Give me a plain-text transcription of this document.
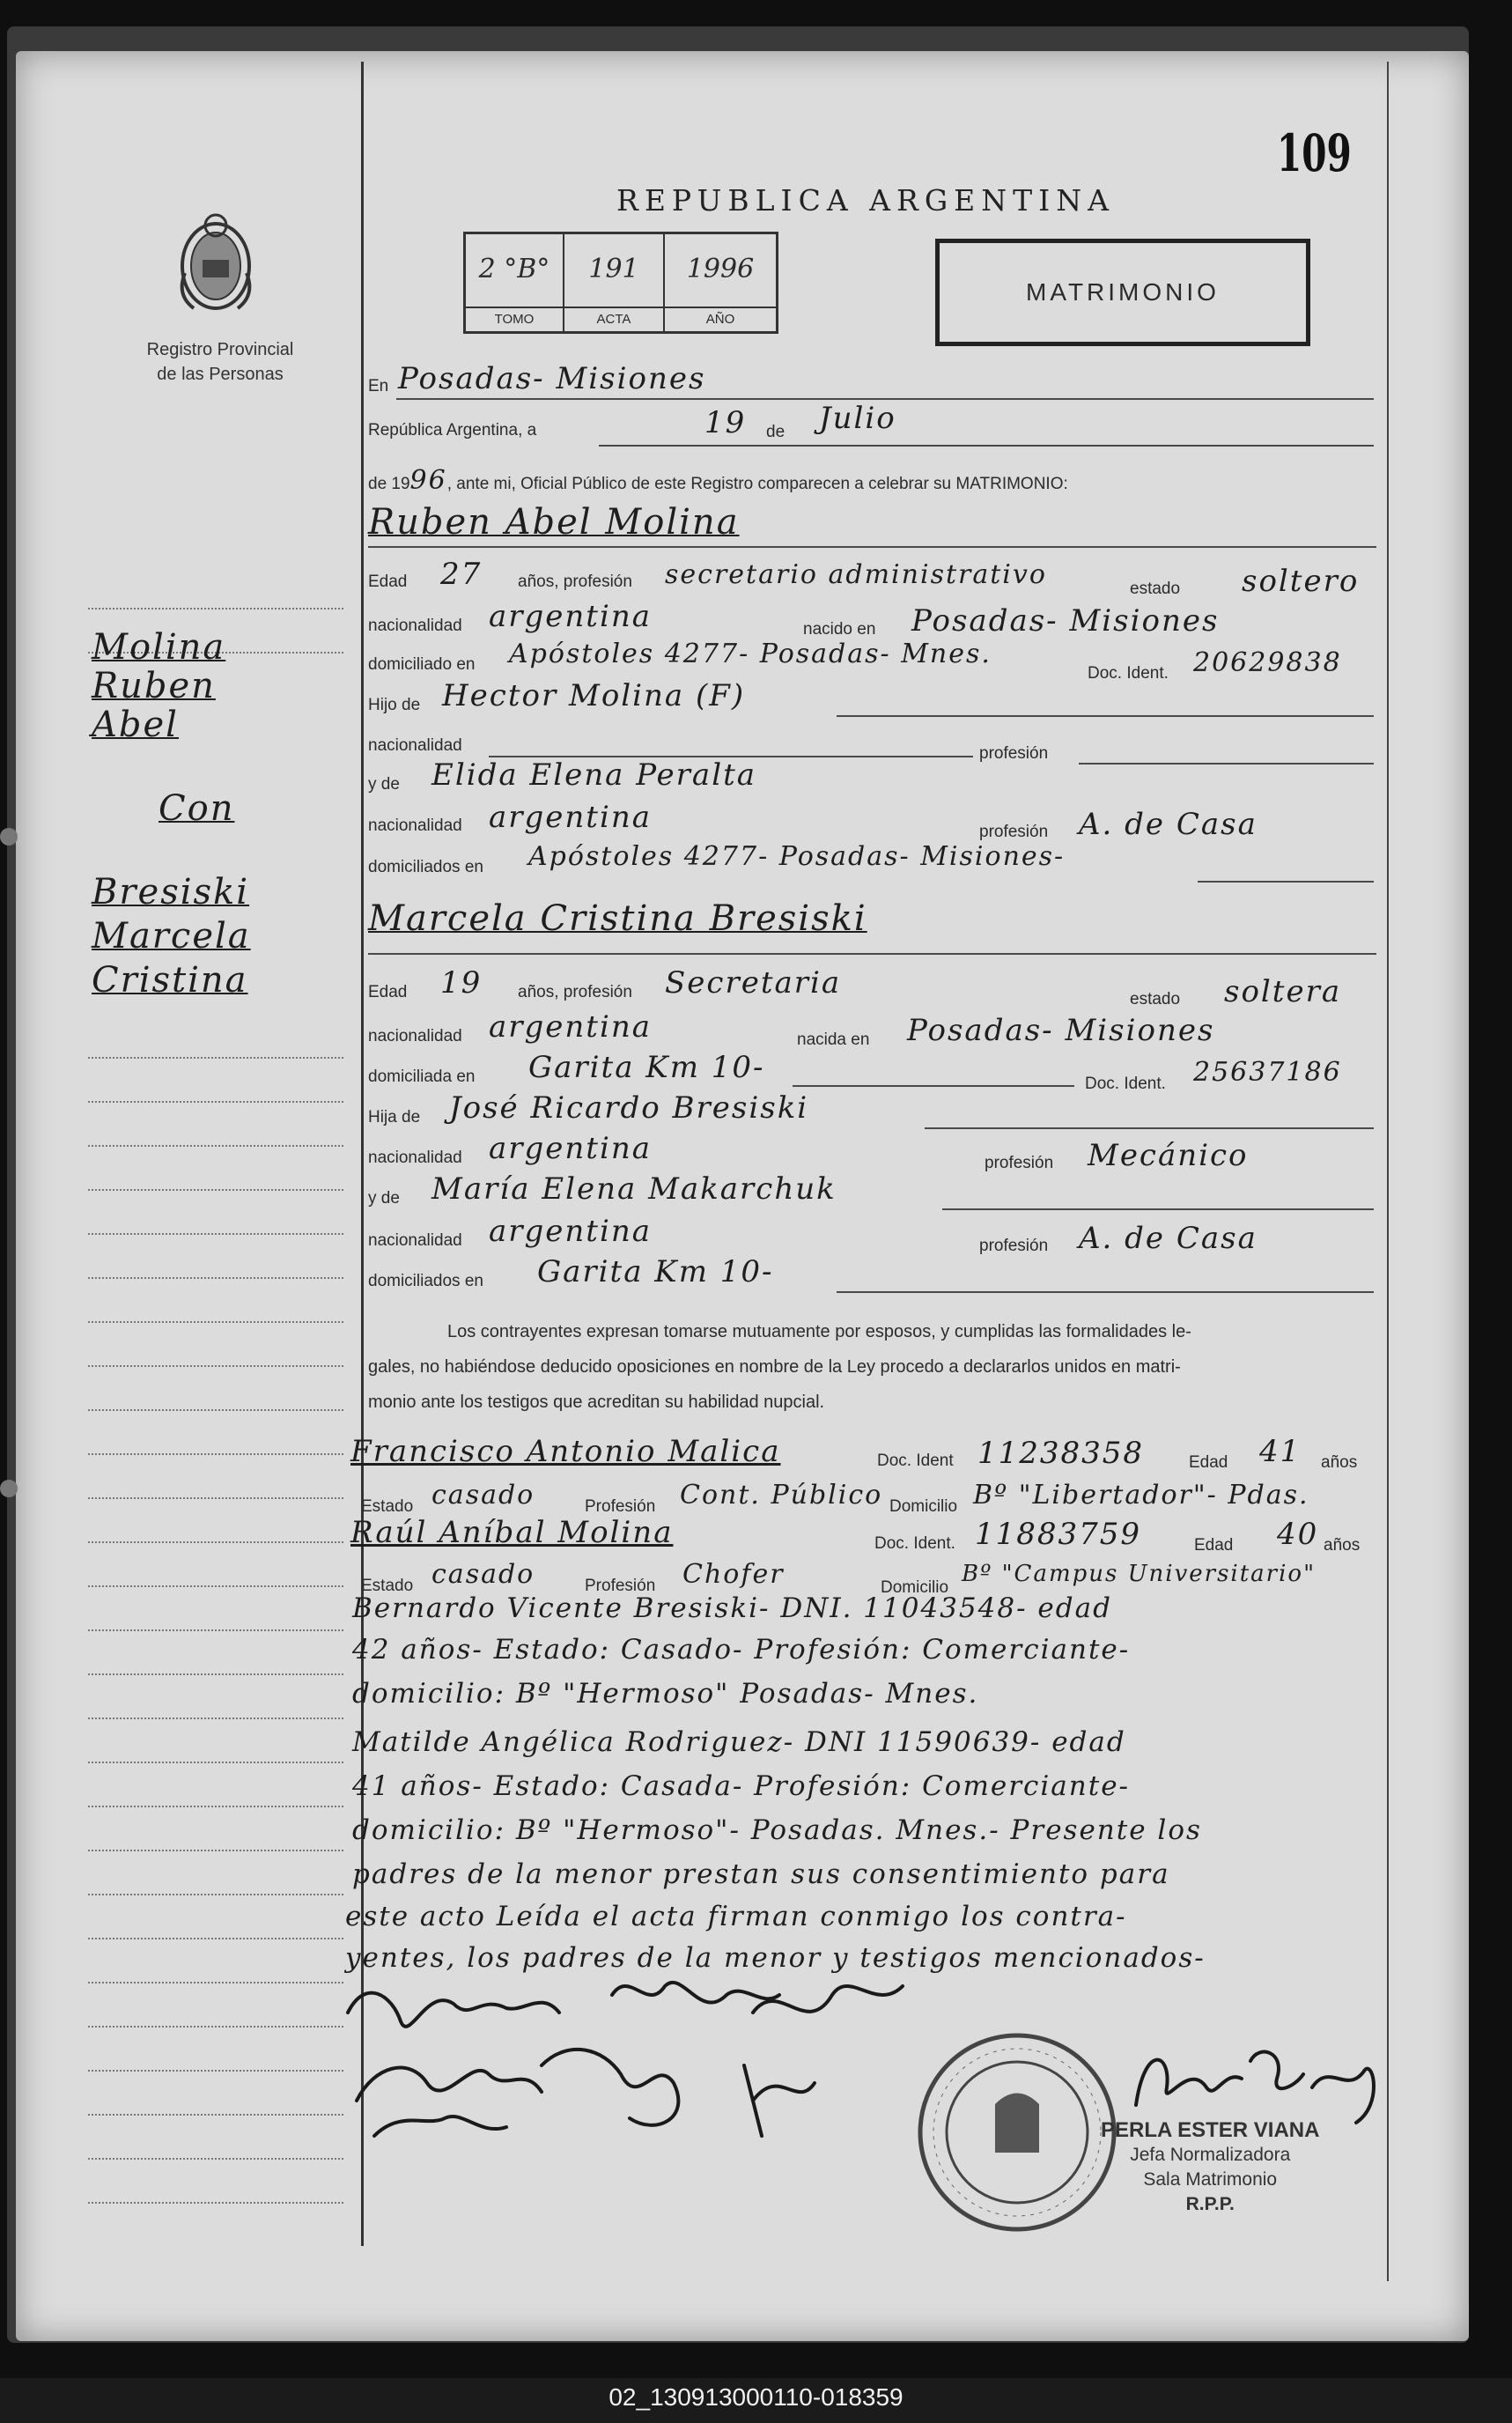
109
REPUBLICA ARGENTINA
Registro Provincial
de las Personas
2 °B°
TOMO
191
ACTA
1996
AÑO
MATRIMONIO
Molina
Ruben
Abel
Con
Bresiski
Marcela
Cristina
En Posadas- Misiones
República Argentina, a	19 de Julio
de 1996, ante mi, Oficial Público de este Registro comparecen a celebrar su MATRIMONIO:
Ruben Abel Molina
Edad 27 años, profesión secretario administrativo	estado soltero
nacionalidad argentina	nacido en Posadas- Misiones
domiciliado en Apóstoles 4277- Posadas- Mnes.
Doc. Ident. 20629838
Hijo de Hector Molina (F)
nacionalidad	profesión
y de Elida Elena Peralta
nacionalidad argentina	profesión A. de Casa
domiciliados en Apóstoles 4277- Posadas- Misiones-
Marcela Cristina Bresiski
Edad 19 años, profesión Secretaria	estado soltera
nacionalidad argentina	nacida en Posadas- Misiones
domiciliada en Garita Km 10-	Doc. Ident. 25637186
Hija de José Ricardo Bresiski
nacionalidad argentina	profesión Mecánico
y de María Elena Makarchuk
nacionalidad argentina	profesión A. de Casa
domiciliados en Garita Km 10-
Los contrayentes expresan tomarse mutuamente por esposos, y cumplidas las formalidades le-
gales, no habiéndose deducido oposiciones en nombre de la Ley procedo a declararlos unidos en matri-
monio ante los testigos que acreditan su habilidad nupcial.
Francisco Antonio Malica	Doc. Ident 11238358	Edad 41 años
Estado casado	Profesión Cont. Público Domicilio Bº "Libertador"- Pdas.
Raúl Aníbal Molina	Doc. Ident. 11883759	Edad 40 años
Estado casado	Profesión Chofer	Domicilio
Bº "Campus Universitario"
Bernardo Vicente Bresiski- DNI. 11043548- edad
42 años- Estado: Casado- Profesión: Comerciante-
domicilio: Bº "Hermoso" Posadas- Mnes.
Matilde Angélica Rodriguez- DNI 11590639- edad
41 años- Estado: Casada- Profesión: Comerciante-
domicilio: Bº "Hermoso"- Posadas. Mnes.- Presente los
padres de la menor prestan sus consentimiento para
este acto Leída el acta firman conmigo los contra-
yentes, los padres de la menor y testigos mencionados-
PERLA ESTER VIANA
Jefa Normalizadora
Sala Matrimonio
R.P.P.
02_130913000110-018359
